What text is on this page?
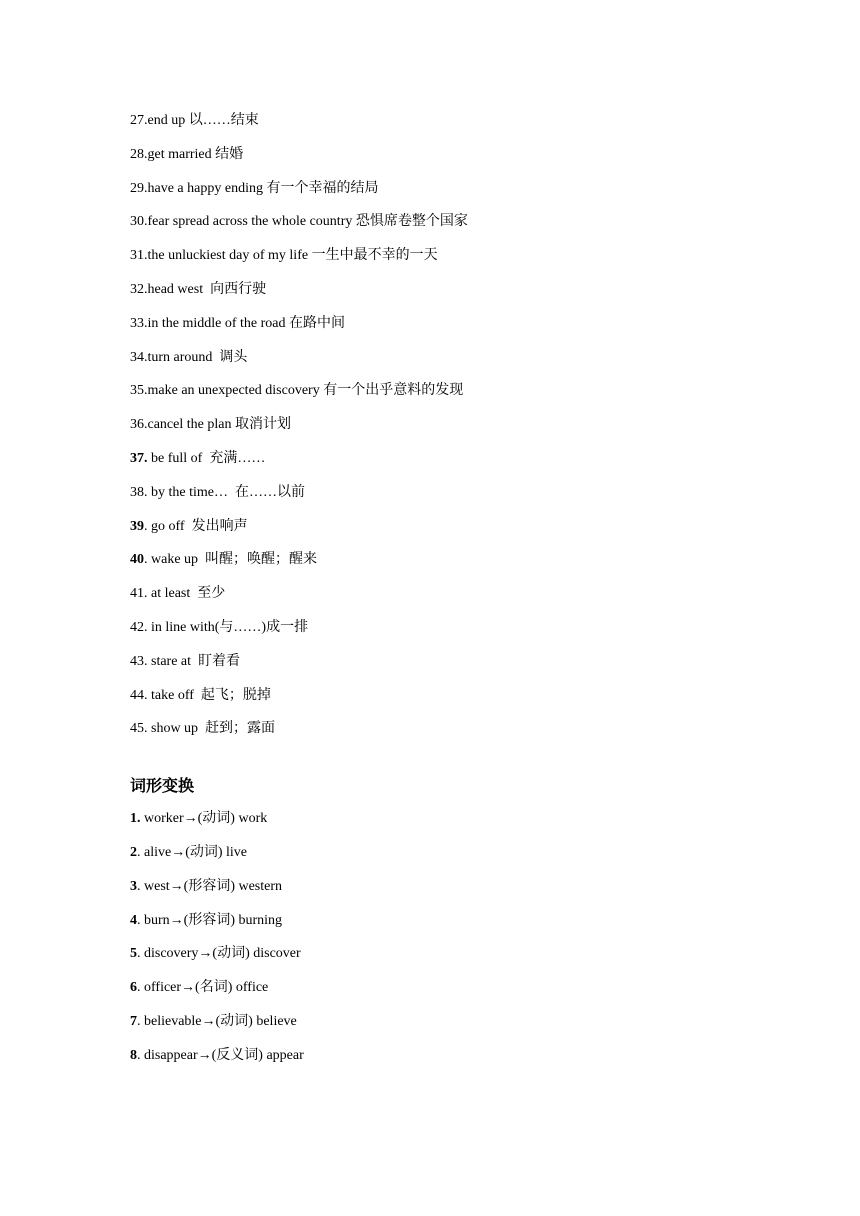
27.end up 以……结束
28.get married 结婚
29.have a happy ending 有一个幸福的结局
30.fear spread across the whole country 恐惧席卷整个国家
31.the unluckiest day of my life 一生中最不幸的一天
32.head west  向西行驶
33.in the middle of the road 在路中间
34.turn around  调头
35.make an unexpected discovery 有一个出乎意料的发现
36.cancel the plan 取消计划
37. be full of  充满……
38. by the time…  在……以前
39. go off  发出响声
40. wake up  叫醒；唤醒；醒来
41. at least  至少
42. in line with(与……)成一排
43. stare at  盯着看
44. take off  起飞；脱掉
45. show up  赶到；露面
词形变换
1. worker→(动词) work
2. alive→(动词) live
3. west→(形容词) western
4. burn→(形容词) burning
5. discovery→(动词) discover
6. officer→(名词) office
7. believable→(动词) believe
8. disappear→(反义词) appear
